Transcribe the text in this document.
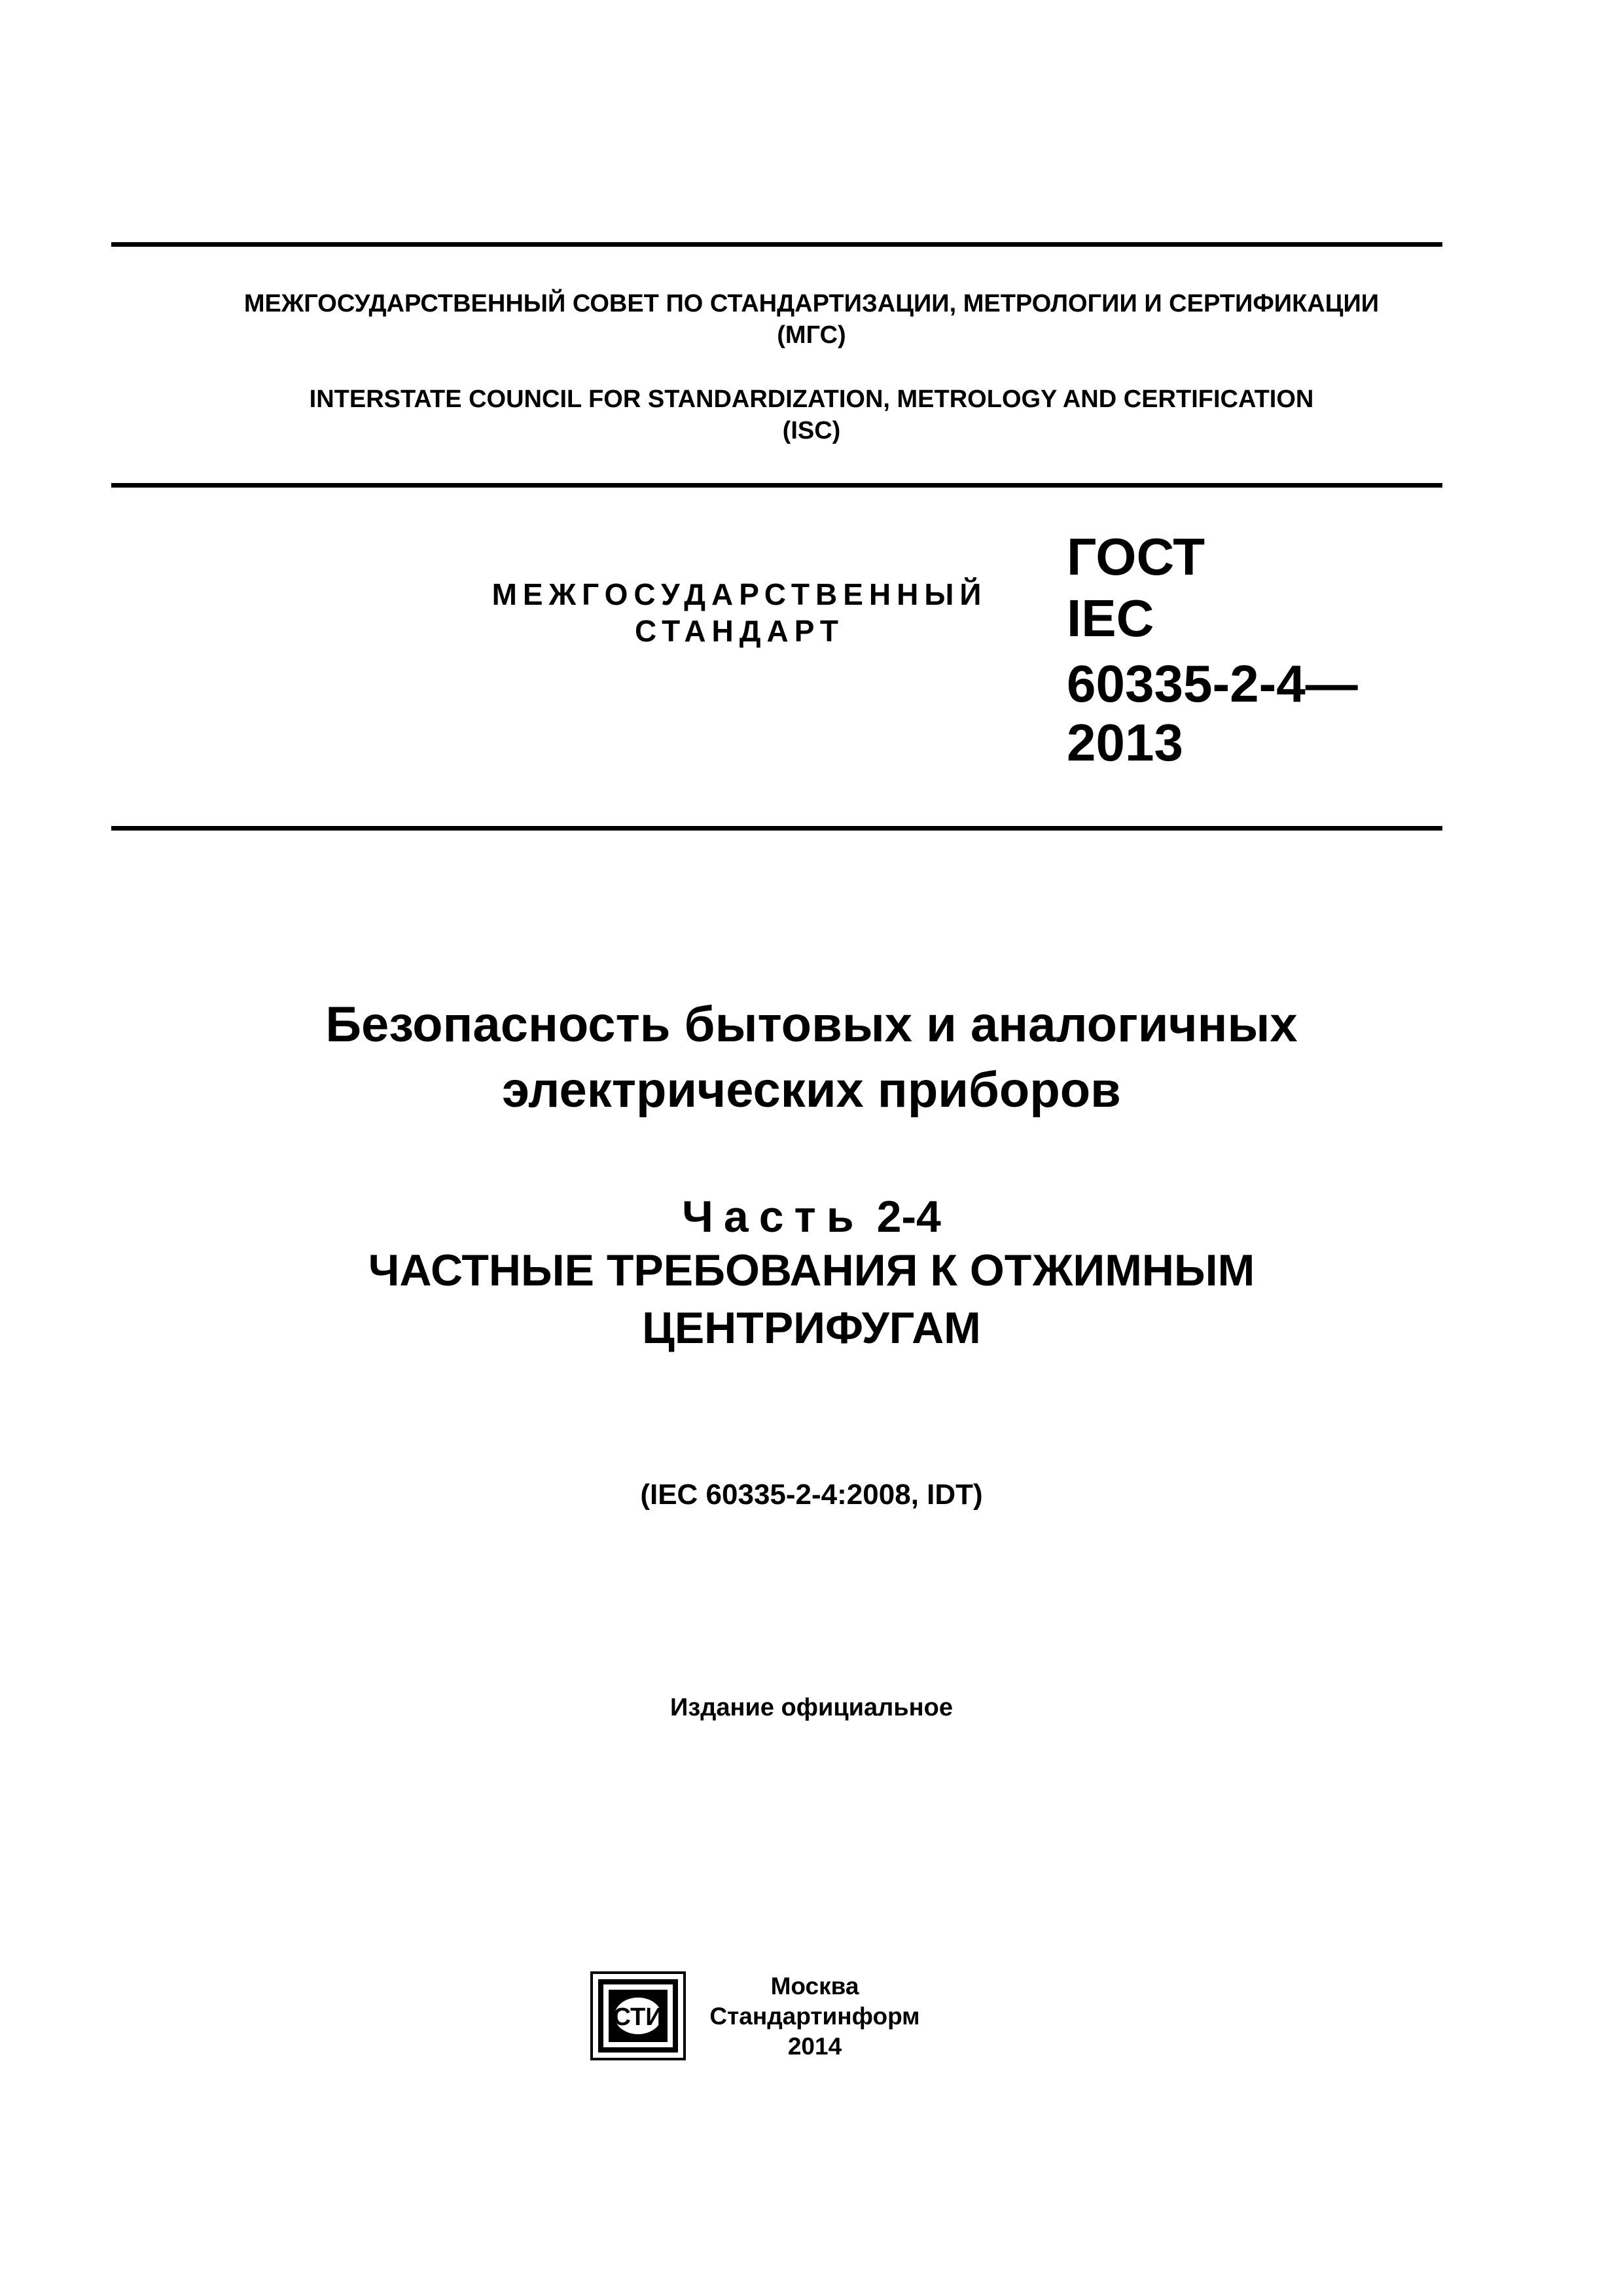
МЕЖГОСУДАРСТВЕННЫЙ СОВЕТ ПО СТАНДАРТИЗАЦИИ, МЕТРОЛОГИИ И СЕРТИФИКАЦИИ
(МГС)
INTERSTATE COUNCIL FOR STANDARDIZATION, METROLOGY AND CERTIFICATION
(ISC)
МЕЖГОСУДАРСТВЕННЫЙ
СТАНДАРТ
ГОСТ
IEC
60335-2-4—
2013
Безопасность бытовых и аналогичных
электрических приборов
Часть 2-4
ЧАСТНЫЕ ТРЕБОВАНИЯ К ОТЖИМНЫМ
ЦЕНТРИФУГАМ
(IEC 60335-2-4:2008, IDT)
Издание официальное
СТИ
Москва
Стандартинформ
2014
